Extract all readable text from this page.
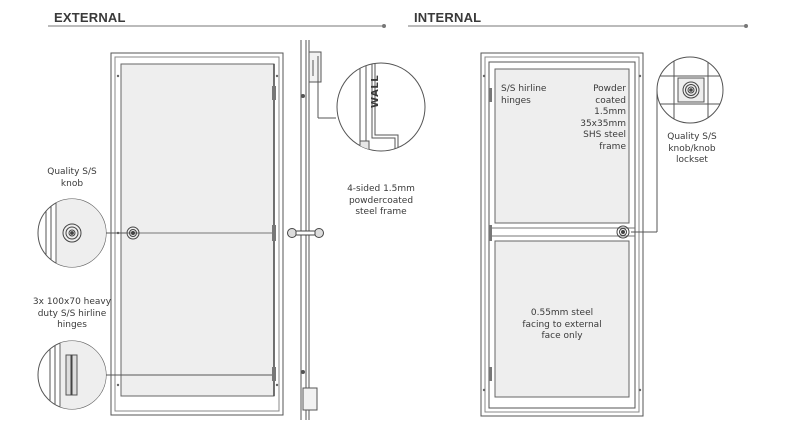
EXTERNAL	INTERNAL
WALL
Quality S/S
knob
3x 100x70 heavy
duty S/S hirline
hinges
4-sided 1.5mm
powdercoated
steel frame
S/S hirline
hinges
Powder
coated
1.5mm
35x35mm
SHS steel
frame
Quality S/S
knob/knob
lockset
0.55mm steel
facing to external
face only
